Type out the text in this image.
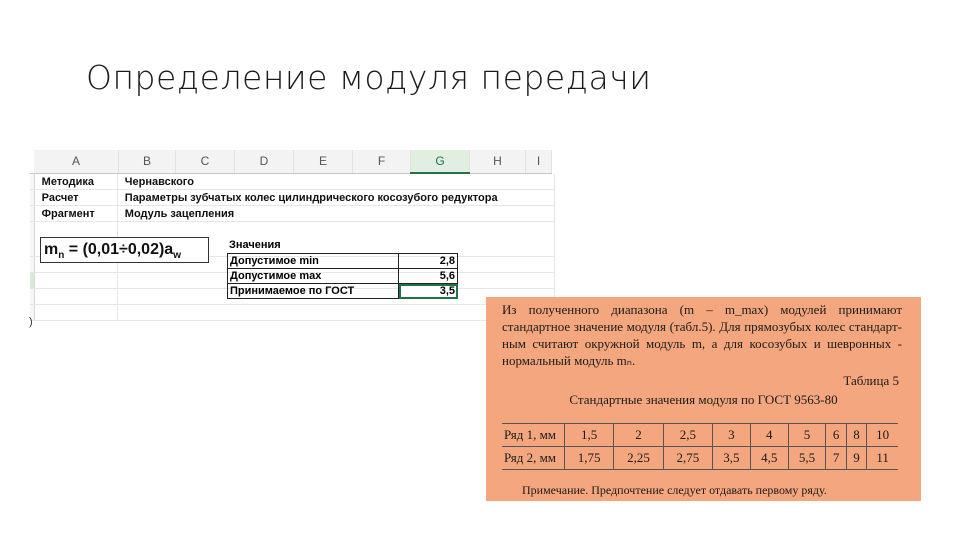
Определение модуля передачи
	A	B	C	D	E	F	G	H	I
	Методика	Чернавского
	Расчет	Параметры зубчатых колес цилиндрического косозубого редуктора
	Фрагмент	Модуль зацепления

$m_n = (0,01\div 0,02)a_w$
Значения
Допустимое min	2,8
Допустимое max	5,6
Принимаемое по ГОСТ	3,5
)

Из полученного диапазона (m – m_max) модулей принимают стандартное значение модуля (табл.5). Для прямозубых колес стандарт- ным считают окружной модуль m, а для косозубых и шевронных - нормальный модуль mₙ.

Таблица 5
Стандартные значения модуля по ГОСТ 9563-80
Ряд 1, мм	1,5	2	2,5	3	4	5	6	8	10
Ряд 2, мм	1,75	2,25	2,75	3,5	4,5	5,5	7	9	11
Примечание. Предпочтение следует отдавать первому ряду.
